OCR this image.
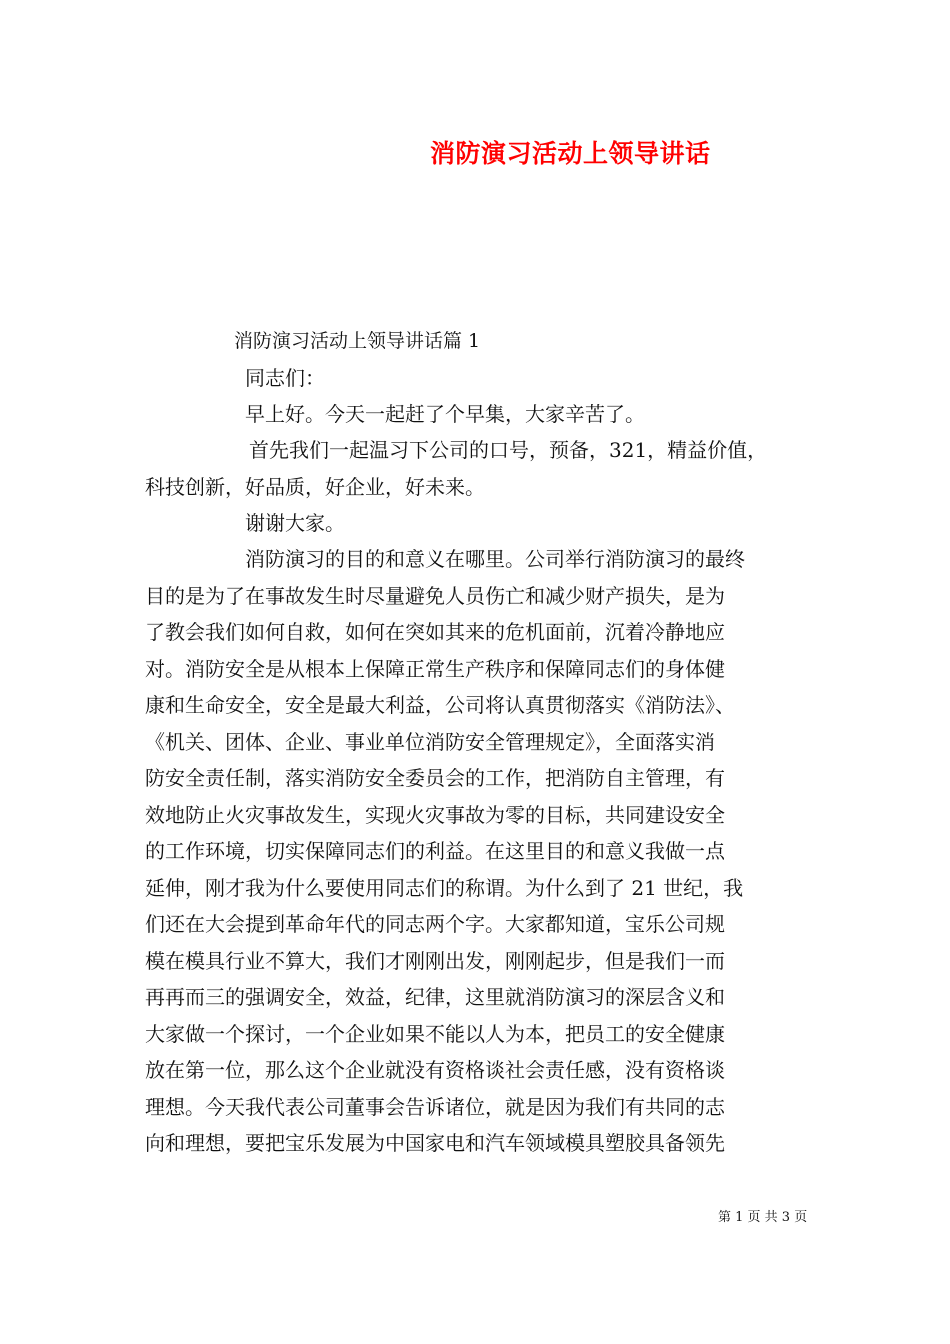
消防演习活动上领导讲话
消防演习活动上领导讲话篇 1
同志们：
早上好。今天一起赶了个早集，大家辛苦了。
首先我们一起温习下公司的口号，预备，321，精益价值，
科技创新，好品质，好企业，好未来。
谢谢大家。
消防演习的目的和意义在哪里。公司举行消防演习的最终
目的是为了在事故发生时尽量避免人员伤亡和减少财产损失，是为
了教会我们如何自救，如何在突如其来的危机面前，沉着冷静地应
对。消防安全是从根本上保障正常生产秩序和保障同志们的身体健
康和生命安全，安全是最大利益，公司将认真贯彻落实《消防法》、
《机关、团体、企业、事业单位消防安全管理规定》，全面落实消
防安全责任制，落实消防安全委员会的工作，把消防自主管理，有
效地防止火灾事故发生，实现火灾事故为零的目标，共同建设安全
的工作环境，切实保障同志们的利益。在这里目的和意义我做一点
延伸，刚才我为什么要使用同志们的称谓。为什么到了 21 世纪，我
们还在大会提到革命年代的同志两个字。大家都知道，宝乐公司规
模在模具行业不算大，我们才刚刚出发，刚刚起步，但是我们一而
再再而三的强调安全，效益，纪律，这里就消防演习的深层含义和
大家做一个探讨，一个企业如果不能以人为本，把员工的安全健康
放在第一位，那么这个企业就没有资格谈社会责任感，没有资格谈
理想。今天我代表公司董事会告诉诸位，就是因为我们有共同的志
向和理想，要把宝乐发展为中国家电和汽车领域模具塑胶具备领先
第 1 页 共 3 页
